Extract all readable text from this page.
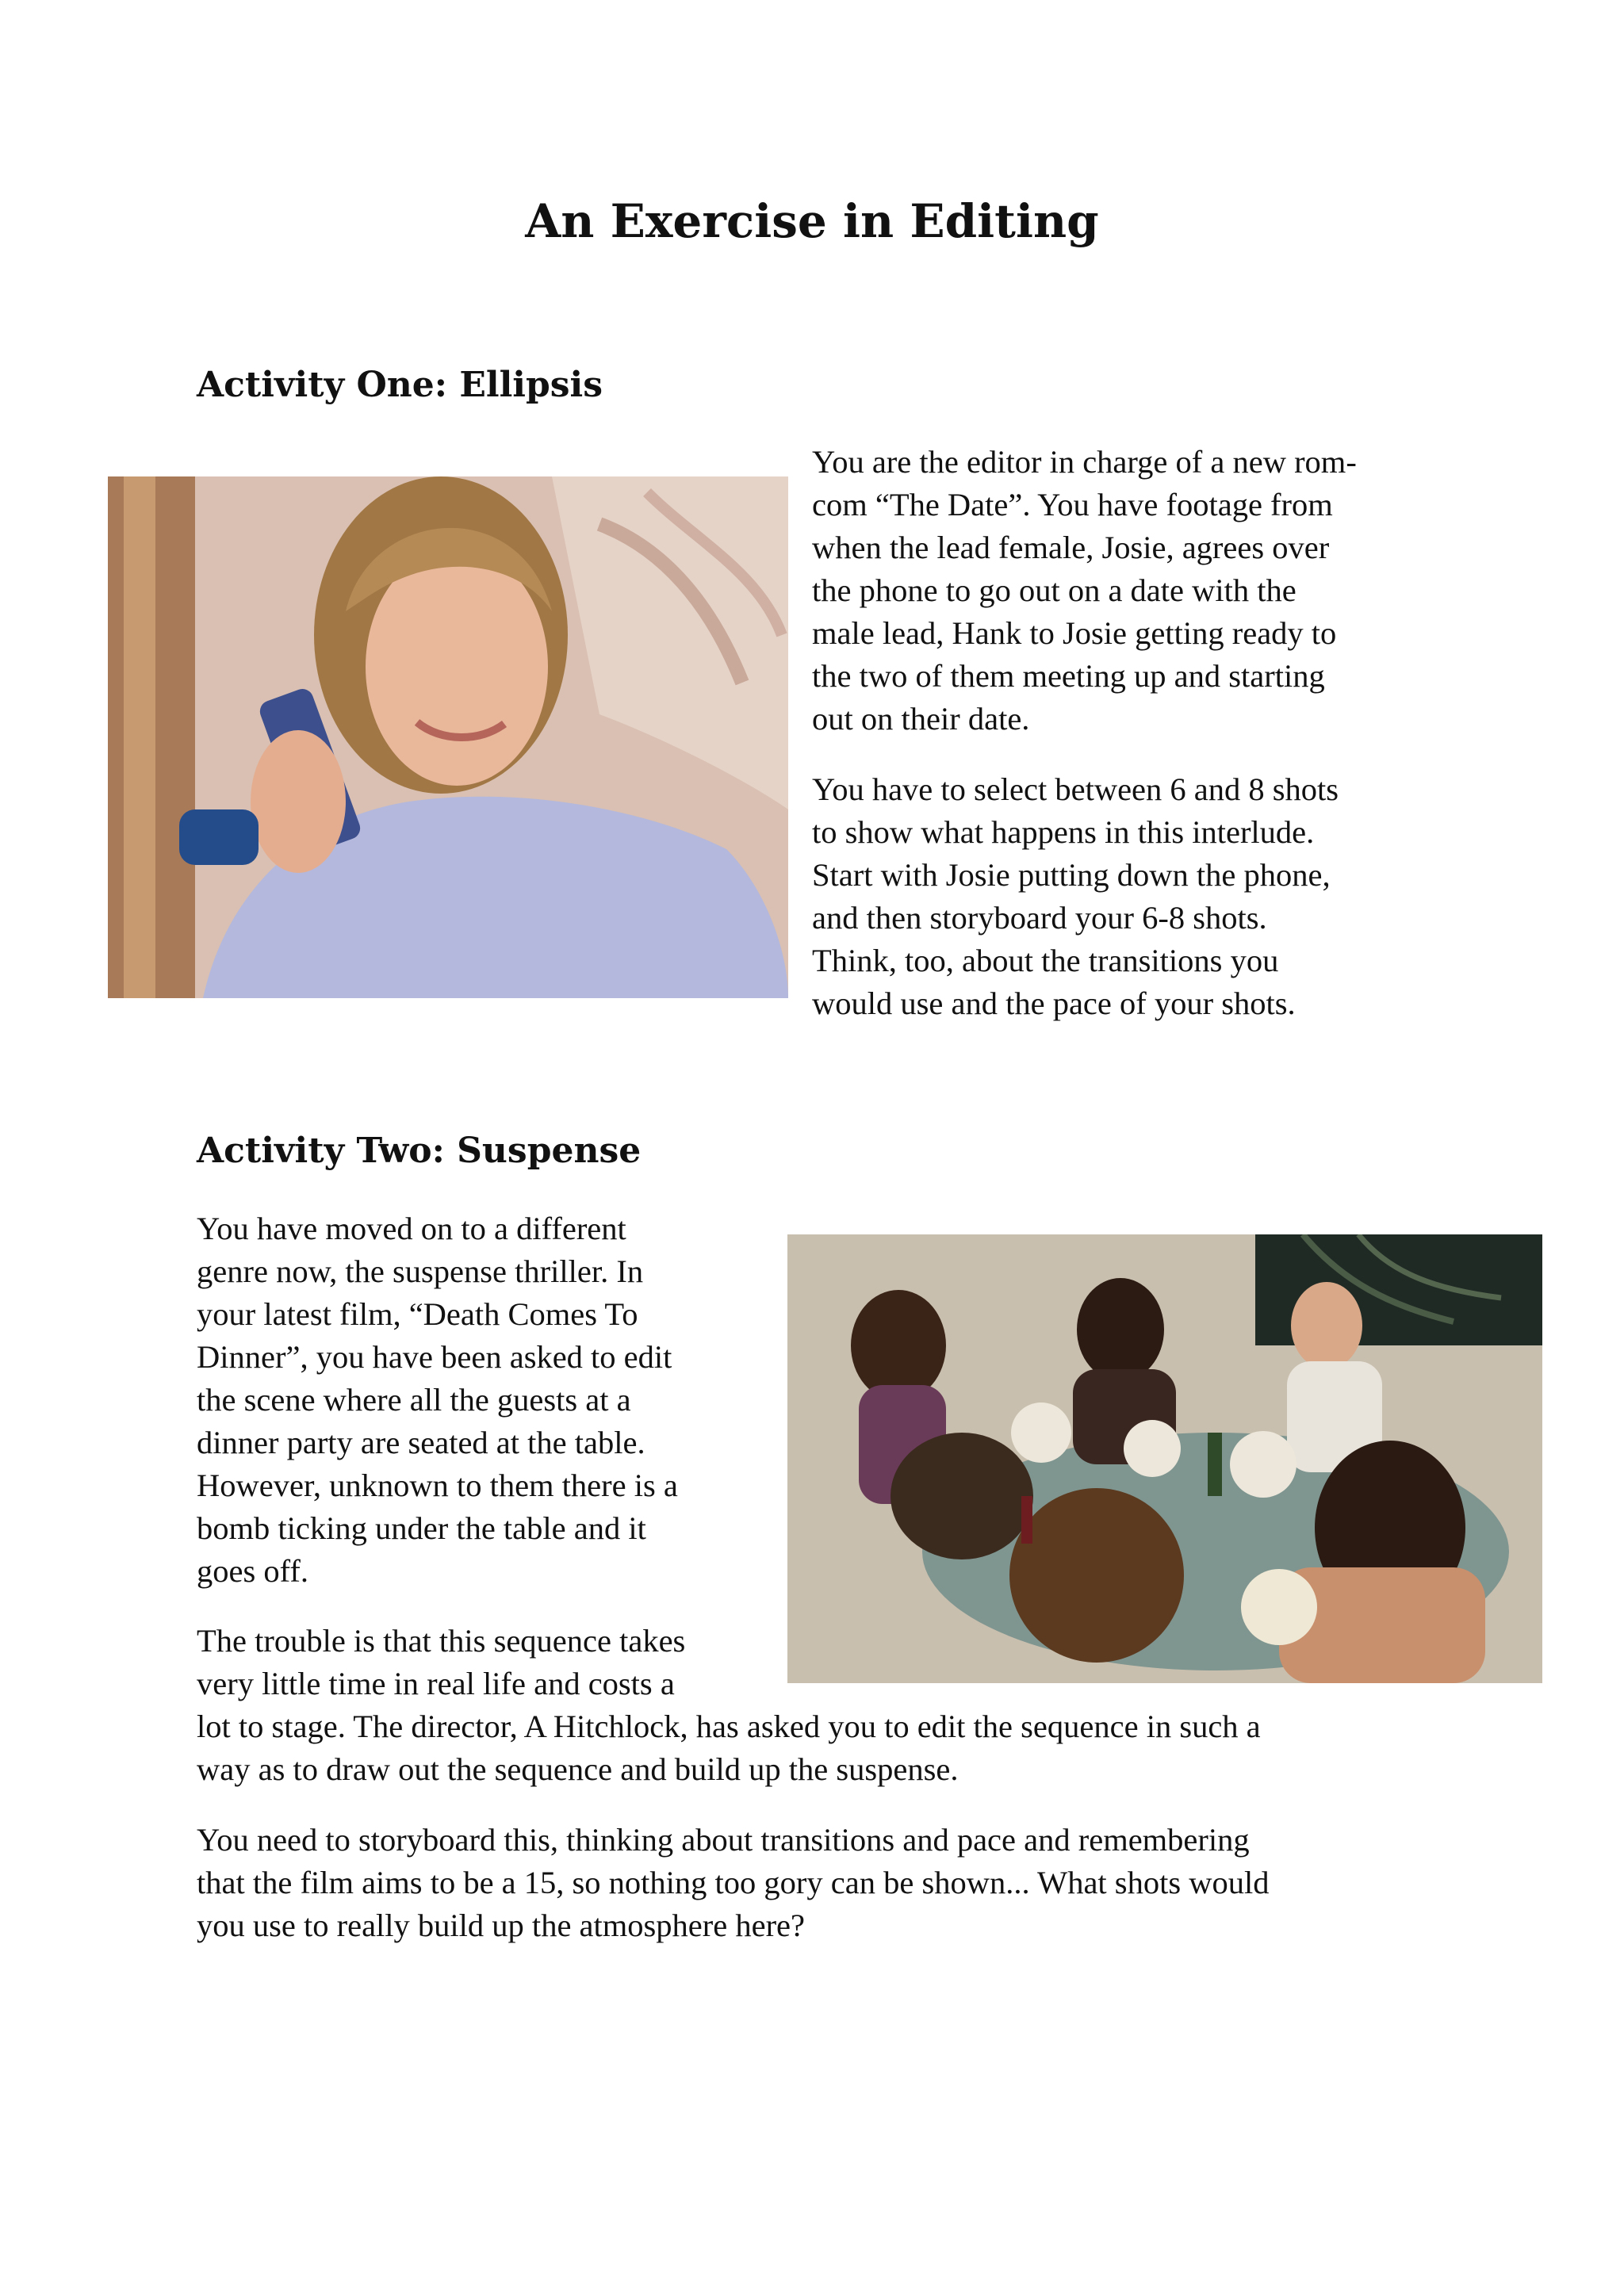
An Exercise in Editing
Activity One: Ellipsis

You are the editor in charge of a new rom-
com “The Date”. You have footage from
when the lead female, Josie, agrees over
the phone to go out on a date with the
male lead, Hank to Josie getting ready to
the two of them meeting up and starting
out on their date.

You have to select between 6 and 8 shots
to show what happens in this interlude.
Start with Josie putting down the phone,
and then storyboard your 6-8 shots.
Think, too, about the transitions you
would use and the pace of your shots.

Activity Two: Suspense

You have moved on to a different
genre now, the suspense thriller. In
your latest film, “Death Comes To
Dinner”, you have been asked to edit
the scene where all the guests at a
dinner party are seated at the table.
However, unknown to them there is a
bomb ticking under the table and it
goes off.

The trouble is that this sequence takes
very little time in real life and costs a

lot to stage. The director, A Hitchlock, has asked you to edit the sequence in such a
way as to draw out the sequence and build up the suspense.

You need to storyboard this, thinking about transitions and pace and remembering
that the film aims to be a 15, so nothing too gory can be shown... What shots would
you use to really build up the atmosphere here?
